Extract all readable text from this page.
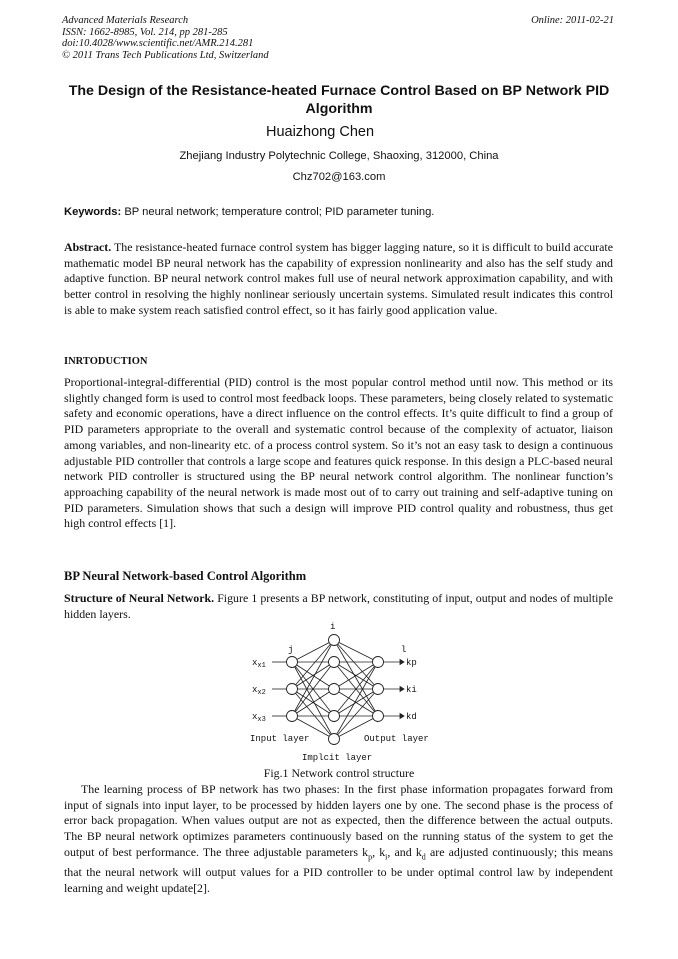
Advanced Materials Research
ISSN: 1662-8985, Vol. 214, pp 281-285
doi:10.4028/www.scientific.net/AMR.214.281
© 2011 Trans Tech Publications Ltd, Switzerland
Online: 2011-02-21
The Design of the Resistance-heated Furnace Control Based on BP Network PID Algorithm
Huaizhong Chen
Zhejiang Industry Polytechnic College, Shaoxing, 312000, China
Chz702@163.com
Keywords: BP neural network; temperature control; PID parameter tuning.

Abstract. The resistance-heated furnace control system has bigger lagging nature, so it is difficult to build accurate mathematic model BP neural network has the capability of expression nonlinearity and also has the self study and adaptive function. BP neural network control makes full use of neural network approximation capability, and with better control in resolving the highly nonlinear seriously uncertain systems. Simulated result indicates this control is able to make system reach satisfied control effect, so it has fairly good application value.

INRTODUCTION

Proportional-integral-differential (PID) control is the most popular control method until now. This method or its slightly changed form is used to control most feedback loops. These parameters, being closely related to systematic safety and economic operations, have a direct influence on the control effects. It’s quite difficult to find a group of PID parameters appropriate to the overall and systematic control because of the complexity of actuator, liaison among variables, and non-linearity etc. of a process control system. So it’s not an easy task to design a continuous adjustable PID controller that controls a large scope and features quick response. In this design a PLC-based neural network PID controller is structured using the BP neural network control algorithm. The nonlinear function’s approaching capability of the neural network is made most out of to carry out training and self-adaptive tuning on PID parameters. Simulation shows that such a design will improve PID control quality and robustness, thus get high control effects [1].

BP Neural Network-based Control Algorithm

Structure of Neural Network. Figure 1 presents a BP network, constituting of input, output and nodes of multiple hidden layers.

i
j	l
$x_{x1}$
$x_{x2}$
$x_{x3}$
kp
ki
kd
Input layer	Output layer
Implcit layer
Fig.1 Network control structure

The learning process of BP network has two phases: In the first phase information propagates forward from input of signals into input layer, to be processed by hidden layers one by one. The second phase is the process of error back propagation. When values output are not as expected, then the difference between the actual outputs. The BP neural network optimizes parameters continuously based on the running status of the system to get the output of best performance. The three adjustable parameters $k_p$, $k_i$, and $k_d$ are adjusted continuously; this means that the neural network will output values for a PID controller to be under optimal control law by independent learning and weight update[2].
